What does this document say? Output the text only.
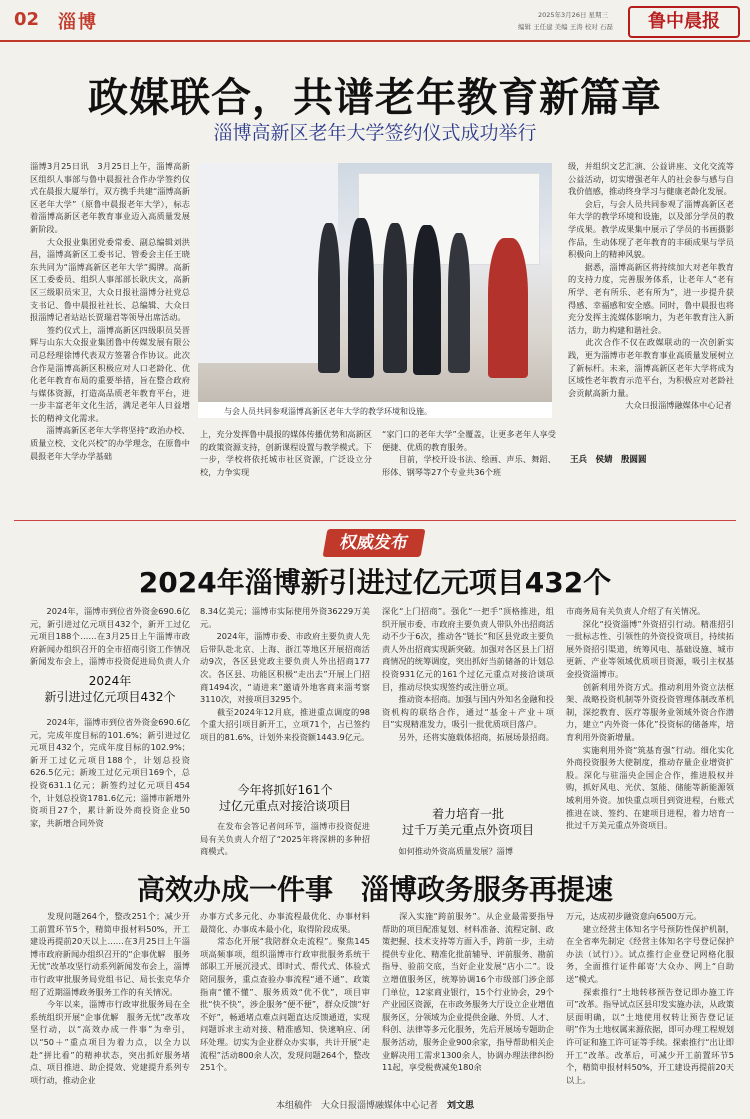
02 淄博	2025年3月26日 星期三
编辑 王任建 美编 王涛 校对 石磊	鲁中晨报
政媒联合，共谱老年教育新篇章
淄博高新区老年大学签约仪式成功举行
淄博3月25日讯　3月25日上午，淄博高新区组织人事部与鲁中晨报社合作办学签约仪式在晨报大厦举行，双方携手共建“淄博高新区老年大学”（原鲁中晨报老年大学），标志着淄博高新区老年教育事业迈入高质量发展新阶段。
　　大众报业集团党委常委、副总编辑刘洪昌，淄博高新区工委书记、管委会主任王晓东共同为“淄博高新区老年大学”揭牌。高新区工委委员、组织人事部部长耿庆文，高新区三级职员宋卫，大众日报社淄博分社党总支书记、鲁中晨报社社长、总编辑、大众日报淄博记者站站长贾瑞君等领导出席活动。
　　签约仪式上，淄博高新区四级职员吴晋辉与山东大众报业集团鲁中传媒发展有限公司总经理徐博代表双方签署合作协议。此次合作是淄博高新区积极应对人口老龄化、优化老年教育布局的重要举措，旨在整合政府与媒体资源，打造高品质老年教育平台，进一步丰富老年文化生活，满足老年人日益增长的精神文化需求。
　　淄博高新区老年大学将坚持“政治办校、质量立校、文化兴校”的办学理念，在原鲁中晨报老年大学办学基础
与会人员共同参观淄博高新区老年大学的教学环境和设施。
上，充分发挥鲁中晨报的媒体传播优势和高新区的政策资源支持，创新课程设置与教学模式。下一步，学校将依托城市社区资源，广泛设立分校，力争实现
“家门口的老年大学”全覆盖，让更多老年人享受便捷、优质的教育服务。
　　目前，学校开设书法、绘画、声乐、舞蹈、形体、钢琴等27个专业共36个班
级，并组织文艺汇演、公益讲座、文化交流等公益活动，切实增强老年人的社会参与感与自我价值感，推动终身学习与健康老龄化发展。
　　会后，与会人员共同参观了淄博高新区老年大学的教学环境和设施，以及部分学员的教学成果。教学成果集中展示了学员的书画摄影作品，生动体现了老年教育的丰硕成果与学员积极向上的精神风貌。
　　据悉，淄博高新区将持续加大对老年教育的支持力度，完善服务体系，让老年人“老有所学、老有所乐、老有所为”，进一步提升获得感、幸福感和安全感。同时，鲁中晨报也将充分发挥主流媒体影响力，为老年教育注入新活力，助力构建和谐社会。
　　此次合作不仅在政媒联动的一次创新实践，更为淄博市老年教育事业高质量发展树立了新标杆。未来，淄博高新区老年大学将成为区域性老年教育示范平台，为积极应对老龄社会贡献高新力量。
　　　　　　　大众日报淄博融媒体中心记者
王兵　侯婧　殷圆圆
权威发布
2024年淄博新引进过亿元项目432个
　　2024年，淄博市到位省外资金690.6亿元，新引进过亿元项目432个，新开工过亿元项目188个……在3月25日上午淄博市政府新闻办组织召开的全市招商引资工作情况新闻发布会上，淄博市投资促进局负责人介
2024年
新引进过亿元项目432个
　　2024年，淄博市到位省外资金690.6亿元，完成年度目标的101.6%；新引进过亿元项目432个，完成年度目标的102.9%；新开工过亿元项目188个，计划总投资626.5亿元；新竣工过亿元项目169个，总投资631.1亿元；新签约过亿元项目454个，计划总投资1781.6亿元；淄博市新增外资项目27个，累计新设外商投资企业50家，共新增合同外资
8.34亿美元；淄博市实际使用外资36229万美元。
　　2024年，淄博市委、市政府主要负责人先后带队赴北京、上海、浙江等地区开展招商活动9次，各区县党政主要负责人外出招商177次。各区县、功能区积极“走出去”开展上门招商1494次，“请进来”邀请外地客商来淄考察3110次，对接项目3295个。
　　截至2024年12月底，推进重点调度的98个重大招引项目新开工，立项71个，占已签约项目的81.6%，计划外来投资额1443.9亿元。
今年将抓好161个
过亿元重点对接洽谈项目
　　在发布会答记者问环节，淄博市投资促进局有关负责人介绍了“2025年将深耕的多种招商模式。
深化“上门招商”。强化“一把手”顶格推进，组织开展市委、市政府主要负责人带队外出招商活动不少于6次，推动各“链长”和区县党政主要负责人外出招商实现新突破。加强对各区县上门招商情况的统筹调度，突出抓好当前储备的计划总投资931亿元的161个过亿元重点对接洽谈项目，推动尽快实现签约或注册立项。
　　推动资本招商。加强与国内外知名金融和投资机构的联络合作，通过“基金＋产业＋项目”实现精准发力，吸引一批优质项目落户。
　　另外，还将实施载体招商，拓展场景招商。
着力培育一批
过千万美元重点外资项目
　　如何推动外资高质量发展？淄博
市商务局有关负责人介绍了有关情况。
　　深化“投资淄博”外资招引行动。精准招引一批标志性、引领性的外资投资项目，持续拓展外资招引渠道，统筹风电、基础设施、城市更新、产业等领域优质项目资源，吸引主权基金投资淄博市。
　　创新利用外资方式。推动利用外资立法框架、战略投资机制等外资投资管理体制改革机制，深挖教育、医疗等服务业领域外资合作潜力，建立“内外资一体化”投资标的储备库，培育利用外资新增量。
　　实施利用外资“筑基育强”行动。细化实化外商投资服务大使制度，推动存量企业增资扩股。深化与驻淄央企国企合作，推进股权并购，抓好风电、光伏、氢能、储能等新能源领域利用外资。加快重点项目到资进程，台账式推进在谈、签约、在建项目进程，着力培育一批过千万美元重点外资项目。
高效办成一件事　淄博政务服务再提速
　　发现问题264个，整改251个；减少开工前置环节5个，精简申报材料50%，开工建设再提前20天以上……在3月25日上午淄博市政府新闻办组织召开的“企事优解　服务无忧”改革攻坚行动系列新闻发布会上，淄博市行政审批服务局党组书记、局长张克华介绍了近期淄博政务服务工作的有关情况。
　　今年以来，淄博市行政审批服务局在全系统组织开展“企事优解　服务无忧”改革攻坚行动，以“高效办成一件事”为牵引，以“50＋”重点项目为着力点，以全力以赴“拼比看”的精神状态，突出抓好服务堵点、项目推进、助企提效、党建提升系列专项行动，推动企业
办事方式多元化、办事流程最优化、办事材料最简化、办事成本最小化，取得阶段成果。
　　常态化开展“我陪群众走流程”。聚焦145项高频事项，组织淄博市行政审批服务系统干部职工开展沉浸式、即时式、帮代式、体验式陪同服务，重点查验办事流程“通不通”、政策指南“懂不懂”、服务质效“优不优”，项目审批“快不快”，涉企服务“便不便”，群众反馈“好不好”，畅通堵点难点问题直达反馈通道，实现问题诉求主动对接、精准感知、快速响应、闭环处理。切实为企业群众办实事，共计开展“走流程”活动800余人次，发现问题264个，整改251个。
　　深入实施“跨前服务”。从企业最需要指导帮助的项目配准复划、材料准备、流程定制、政策把握、技术支持等方面入手，跨前一步，主动提供专业化、精准化批前辅导、评前服务、勘前指导、验前交底，当好企业发展“店小二”。设立增值服务区，统筹协调16个市级部门涉企部门单位，12家商业银行，15个行业协会，29个产业园区资源，在市政务服务大厅设立企业增值服务区，分领域为企业提供金融、外贸、人才、科创、法律等多元化服务，先后开展场专题助企服务活动，服务企业900余家，指导帮助相关企业解决用工需求1300余人，协调办理法律纠纷11起，享受税费减免180余
万元，达成初步融资意向6500万元。
　　建立经营主体知名字号预防性保护机制，在全省率先制定《经营主体知名字号登记保护办法（试行）》。试点推行企业登记网格化服务，全面推行证件邮寄'大众办、网上“自助送”模式。
　　探索推行“土地转移预告登记即办施工许可”改革。指导试点区县印发实施办法，从政策层面明确，以“土地使用权转让预告登记证明”作为土地权属来源依据，即可办理工程规划许可证和施工许可证等手续。探索推行“出让即开工”改革。改革后，可减少开工前置环节5个，精简申报材料50%，开工建设再提前20天以上。
本组稿件　大众日报淄博融媒体中心记者　 刘文思
